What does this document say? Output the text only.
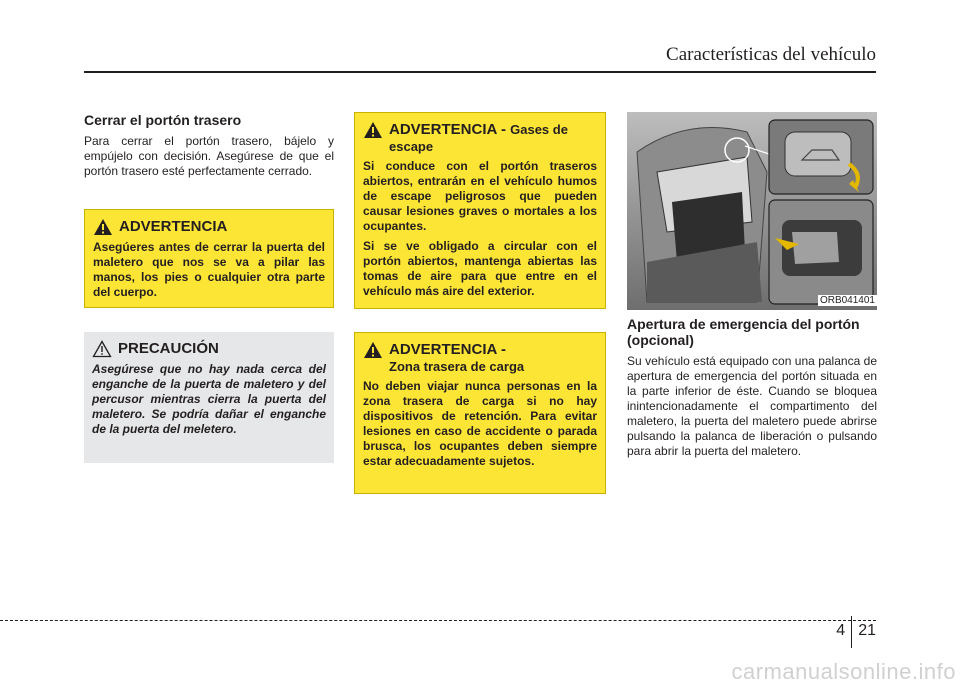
Características del vehículo
Cerrar el portón trasero

Para cerrar el portón trasero, bájelo y empújelo con decisión. Asegúrese de que el portón trasero esté perfectamente cerrado.

ADVERTENCIA

Asegúeres antes de cerrar la puerta del maletero que nos se va a pilar las manos, los pies o cualquier otra parte del cuerpo.

PRECAUCIÓN

Asegúrese que no hay nada cerca del enganche de la puerta de maletero y del percusor mientras cierra la puerta del maletero. Se podría dañar el enganche de la puerta del meletero.

ADVERTENCIA - Gases de escape

Si conduce con el portón traseros abiertos, entrarán en el vehículo humos de escape peligrosos que pueden causar lesiones graves o mortales a los ocupantes.

Si se ve obligado a circular con el portón abiertos, mantenga abiertas las tomas de aire para que entre en el vehículo más aire del exterior.

ADVERTENCIA -
Zona trasera de carga

No deben viajar nunca personas en la zona trasera de carga si no hay dispositivos de retención. Para evitar lesiones en caso de accidente o parada brusca, los ocupantes deben siempre estar adecuadamente sujetos.

ORB041401
Apertura de emergencia del portón (opcional)

Su vehículo está equipado con una palanca de apertura de emergencia del portón situada en la parte inferior de éste. Cuando se bloquea inintencionadamente el compartimento del maletero, la puerta del maletero puede abrirse pulsando la palanca de liberación o pulsando para abrir la puerta del maletero.

4 21
carmanualsonline.info
